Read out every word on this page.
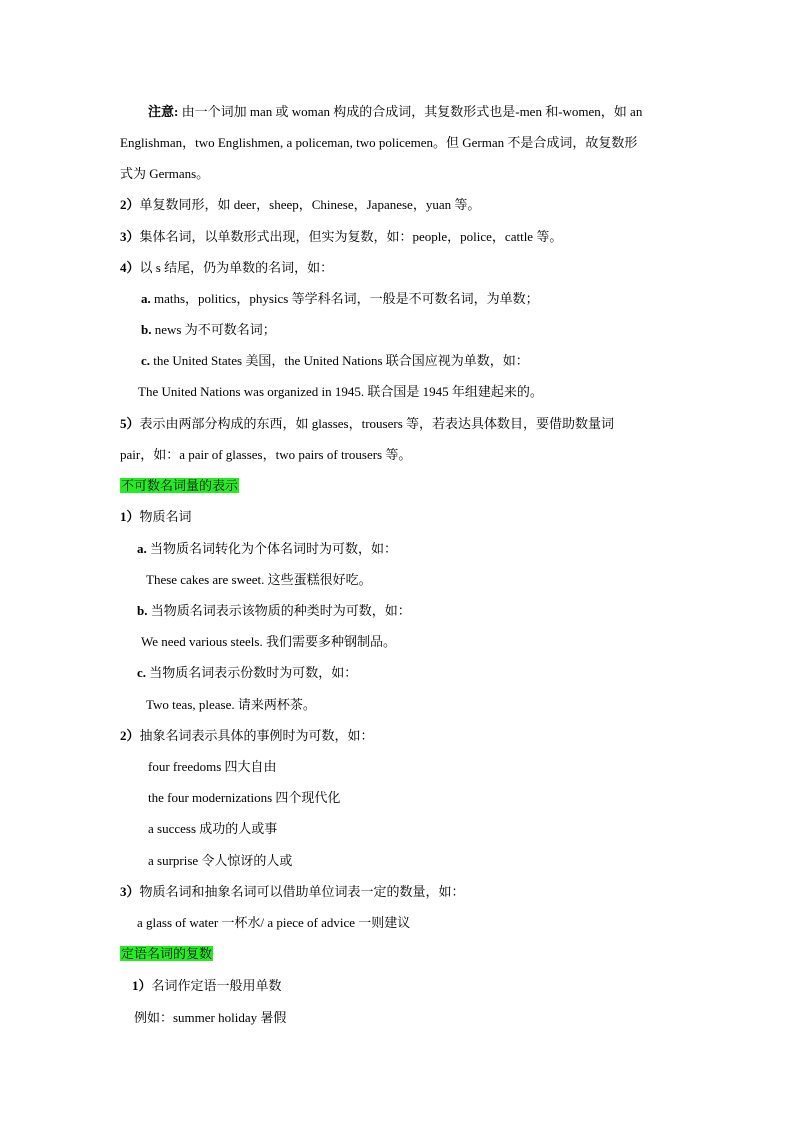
注意: 由一个词加 man 或 woman 构成的合成词，其复数形式也是-men 和-women，如 an
Englishman，two Englishmen, a policeman, two policemen。但 German 不是合成词，故复数形
式为 Germans。
2）单复数同形，如 deer，sheep，Chinese，Japanese，yuan 等。
3）集体名词，以单数形式出现，但实为复数，如：people，police，cattle 等。
4）以 s 结尾，仍为单数的名词，如：
a. maths，politics，physics 等学科名词，一般是不可数名词，为单数；
b. news 为不可数名词；
c. the United States 美国，the United Nations 联合国应视为单数，如：
The United Nations was organized in 1945. 联合国是 1945 年组建起来的。
5）表示由两部分构成的东西，如 glasses，trousers 等，若表达具体数目，要借助数量词
pair，如：a pair of glasses，two pairs of trousers 等。
不可数名词量的表示
1）物质名词
a. 当物质名词转化为个体名词时为可数，如：
These cakes are sweet. 这些蛋糕很好吃。
b. 当物质名词表示该物质的种类时为可数，如：
We need various steels. 我们需要多种钢制品。
c. 当物质名词表示份数时为可数，如：
Two teas, please. 请来两杯茶。
2）抽象名词表示具体的事例时为可数，如：
four freedoms 四大自由
the four modernizations 四个现代化
a success 成功的人或事
a surprise 令人惊讶的人或
3）物质名词和抽象名词可以借助单位词表一定的数量，如：
a glass of water 一杯水/ a piece of advice 一则建议
定语名词的复数
1）名词作定语一般用单数
例如：summer holiday 暑假
